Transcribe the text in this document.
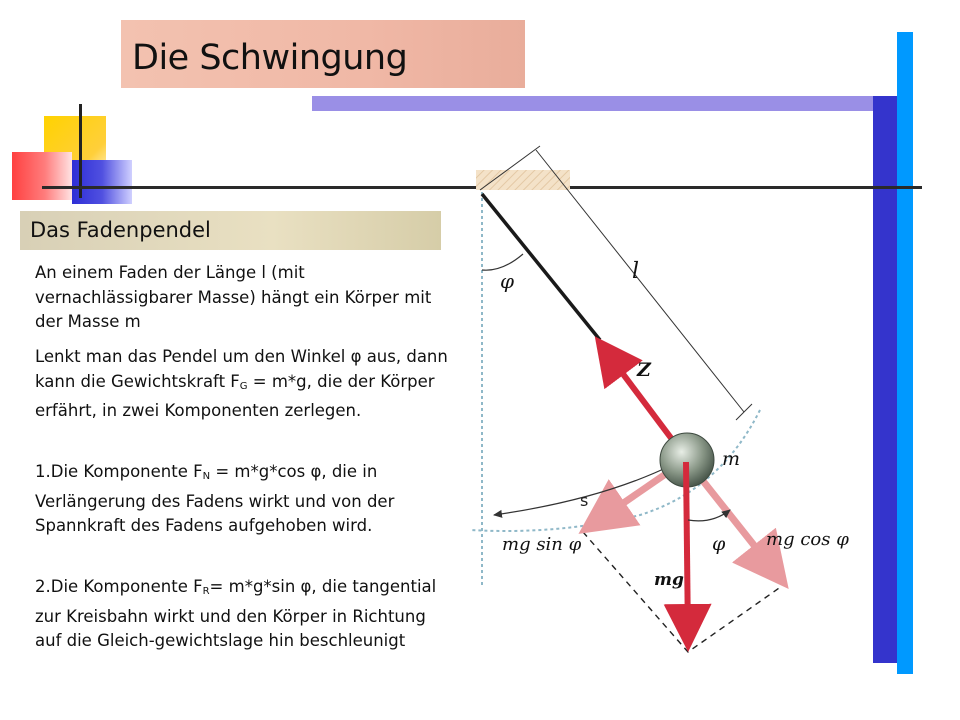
Die Schwingung
Das Fadenpendel
An einem Faden der Länge l (mit vernachlässigbarer Masse) hängt ein Körper mit der Masse m
Lenkt man das Pendel um den Winkel φ aus, dann kann die Gewichtskraft $F_G = m*g$, die der Körper erfährt, in zwei Komponenten zerlegen.
1.Die Komponente $F_N = m*g*\cos$ φ, die in Verlängerung des Fadens wirkt und von der Spannkraft des Fadens aufgehoben wird.
2.Die Komponente $F_R= m*g*\sin$ φ, die tangential zur Kreisbahn wirkt und den Körper in Richtung auf die Gleich-gewichtslage hin beschleunigt
l
φ
Z
s
m
mg
φ
mg sin φ	mg cos φ
